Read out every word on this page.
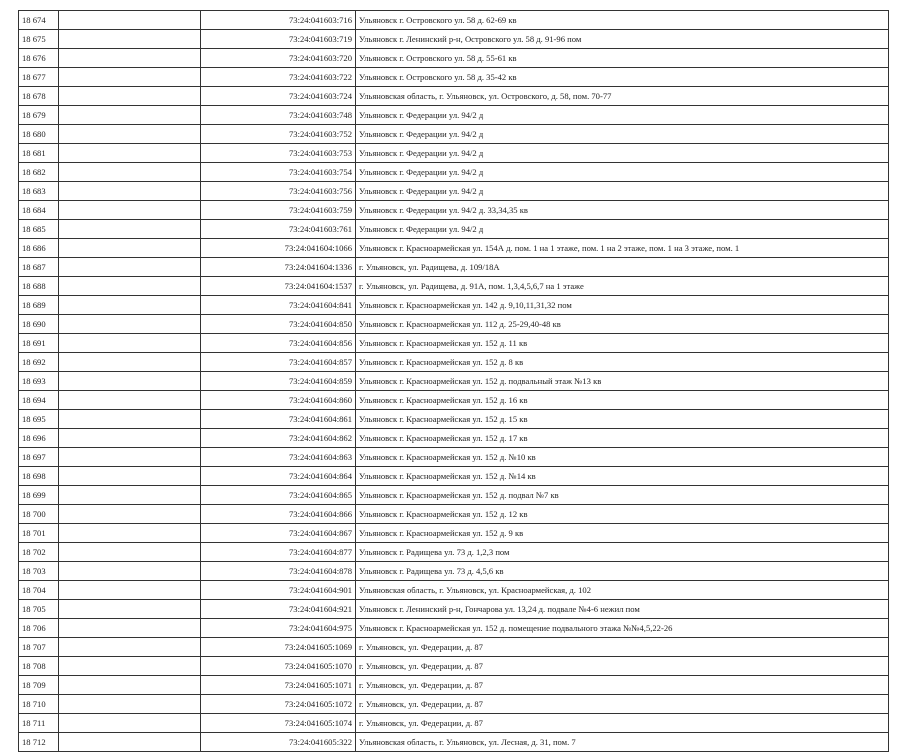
18 674		73:24:041603:716	Ульяновск г. Островского ул. 58 д. 62-69 кв
18 675		73:24:041603:719	Ульяновск г. Ленинский р-н, Островского ул. 58 д. 91-96 пом
18 676		73:24:041603:720	Ульяновск г. Островского ул. 58 д. 55-61 кв
18 677		73:24:041603:722	Ульяновск г. Островского ул. 58 д. 35-42 кв
18 678		73:24:041603:724	Ульяновская область, г. Ульяновск, ул. Островского, д. 58, пом. 70-77
18 679		73:24:041603:748	Ульяновск г. Федерации ул. 94/2 д
18 680		73:24:041603:752	Ульяновск г. Федерации ул. 94/2 д
18 681		73:24:041603:753	Ульяновск г. Федерации ул. 94/2 д
18 682		73:24:041603:754	Ульяновск г. Федерации ул. 94/2 д
18 683		73:24:041603:756	Ульяновск г. Федерации ул. 94/2 д
18 684		73:24:041603:759	Ульяновск г. Федерации ул. 94/2 д. 33,34,35 кв
18 685		73:24:041603:761	Ульяновск г. Федерации ул. 94/2 д
18 686		73:24:041604:1066	Ульяновск г. Красноармейская ул. 154А д. пом. 1 на 1 этаже, пом. 1 на 2 этаже, пом. 1 на 3 этаже, пом. 1
18 687		73:24:041604:1336	г. Ульяновск, ул. Радищева, д. 109/18А
18 688		73:24:041604:1537	г. Ульяновск, ул. Радищева, д. 91А, пом. 1,3,4,5,6,7 на 1 этаже
18 689		73:24:041604:841	Ульяновск г. Красноармейская ул. 142 д. 9,10,11,31,32 пом
18 690		73:24:041604:850	Ульяновск г. Красноармейская ул. 112 д. 25-29,40-48 кв
18 691		73:24:041604:856	Ульяновск г. Красноармейская ул. 152 д. 11 кв
18 692		73:24:041604:857	Ульяновск г. Красноармейская ул. 152 д. 8 кв
18 693		73:24:041604:859	Ульяновск г. Красноармейская ул. 152 д. подвальный этаж №13 кв
18 694		73:24:041604:860	Ульяновск г. Красноармейская ул. 152 д. 16 кв
18 695		73:24:041604:861	Ульяновск г. Красноармейская ул. 152 д. 15 кв
18 696		73:24:041604:862	Ульяновск г. Красноармейская ул. 152 д. 17 кв
18 697		73:24:041604:863	Ульяновск г. Красноармейская ул. 152 д. №10 кв
18 698		73:24:041604:864	Ульяновск г. Красноармейская ул. 152 д. №14 кв
18 699		73:24:041604:865	Ульяновск г. Красноармейская ул. 152 д. подвал №7 кв
18 700		73:24:041604:866	Ульяновск г. Красноармейская ул. 152 д. 12 кв
18 701		73:24:041604:867	Ульяновск г. Красноармейская ул. 152 д. 9 кв
18 702		73:24:041604:877	Ульяновск г. Радищева ул. 73 д. 1,2,3 пом
18 703		73:24:041604:878	Ульяновск г. Радищева ул. 73 д. 4,5,6 кв
18 704		73:24:041604:901	Ульяновская область, г. Ульяновск, ул. Красноармейская, д. 102
18 705		73:24:041604:921	Ульяновск г. Ленинский р-н, Гончарова ул. 13,24 д. подвале №4-6 нежил пом
18 706		73:24:041604:975	Ульяновск г. Красноармейская ул. 152 д. помещение подвального этажа №№4,5,22-26
18 707		73:24:041605:1069	г. Ульяновск, ул. Федерации, д. 87
18 708		73:24:041605:1070	г. Ульяновск, ул. Федерации, д. 87
18 709		73:24:041605:1071	г. Ульяновск, ул. Федерации, д. 87
18 710		73:24:041605:1072	г. Ульяновск, ул. Федерации, д. 87
18 711		73:24:041605:1074	г. Ульяновск, ул. Федерации, д. 87
18 712		73:24:041605:322	Ульяновская область, г. Ульяновск, ул. Лесная, д. 31, пом. 7
